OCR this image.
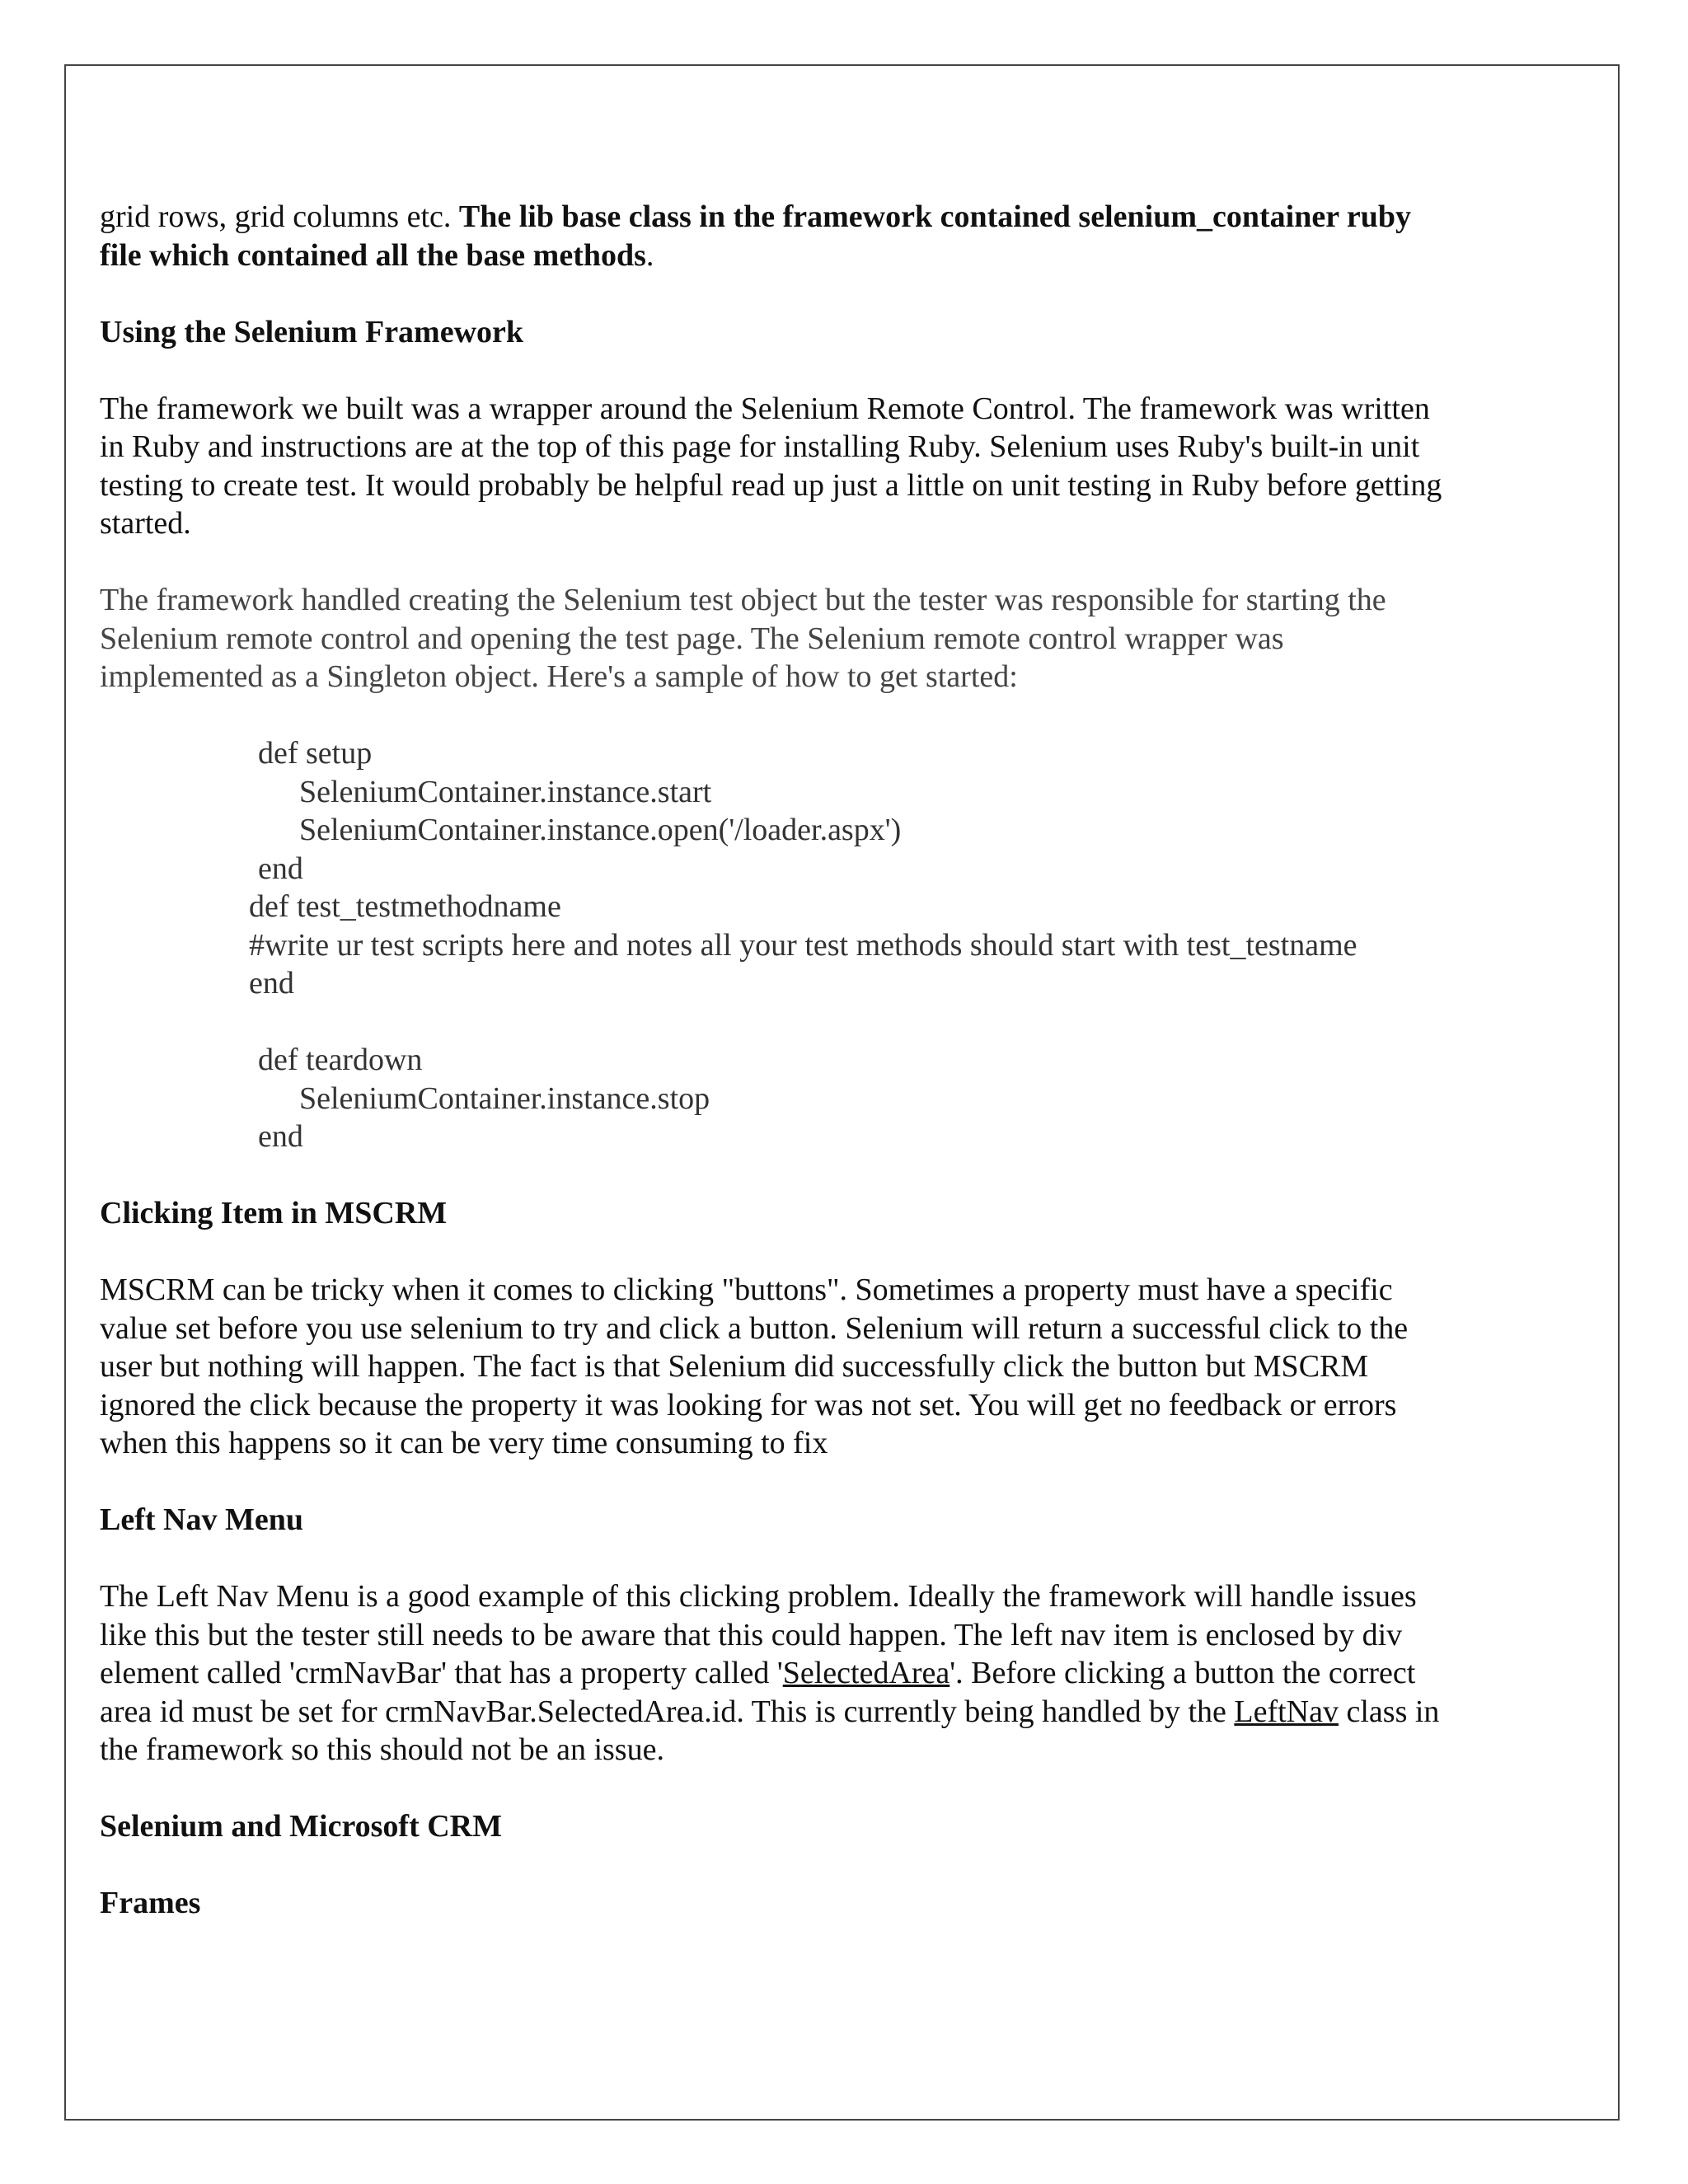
grid rows, grid columns etc. The lib base class in the framework contained selenium_container ruby file which contained all the base methods.

Using the Selenium Framework

The framework we built was a wrapper around the Selenium Remote Control. The framework was written in Ruby and instructions are at the top of this page for installing Ruby. Selenium uses Ruby's built-in unit testing to create test. It would probably be helpful read up just a little on unit testing in Ruby before getting started.

The framework handled creating the Selenium test object but the tester was responsible for starting the Selenium remote control and opening the test page. The Selenium remote control wrapper was implemented as a Singleton object. Here's a sample of how to get started:

def setup

SeleniumContainer.instance.start

SeleniumContainer.instance.open('/loader.aspx')

end

def test_testmethodname

#write ur test scripts here and notes all your test methods should start with test_testname

end

def teardown

SeleniumContainer.instance.stop

end

Clicking Item in MSCRM

MSCRM can be tricky when it comes to clicking "buttons". Sometimes a property must have a specific value set before you use selenium to try and click a button. Selenium will return a successful click to the user but nothing will happen. The fact is that Selenium did successfully click the button but MSCRM ignored the click because the property it was looking for was not set. You will get no feedback or errors when this happens so it can be very time consuming to fix

Left Nav Menu

The Left Nav Menu is a good example of this clicking problem. Ideally the framework will handle issues like this but the tester still needs to be aware that this could happen. The left nav item is enclosed by div element called 'crmNavBar' that has a property called 'SelectedArea'. Before clicking a button the correct area id must be set for crmNavBar.SelectedArea.id. This is currently being handled by the LeftNav class in the framework so this should not be an issue.

Selenium and Microsoft CRM

Frames
